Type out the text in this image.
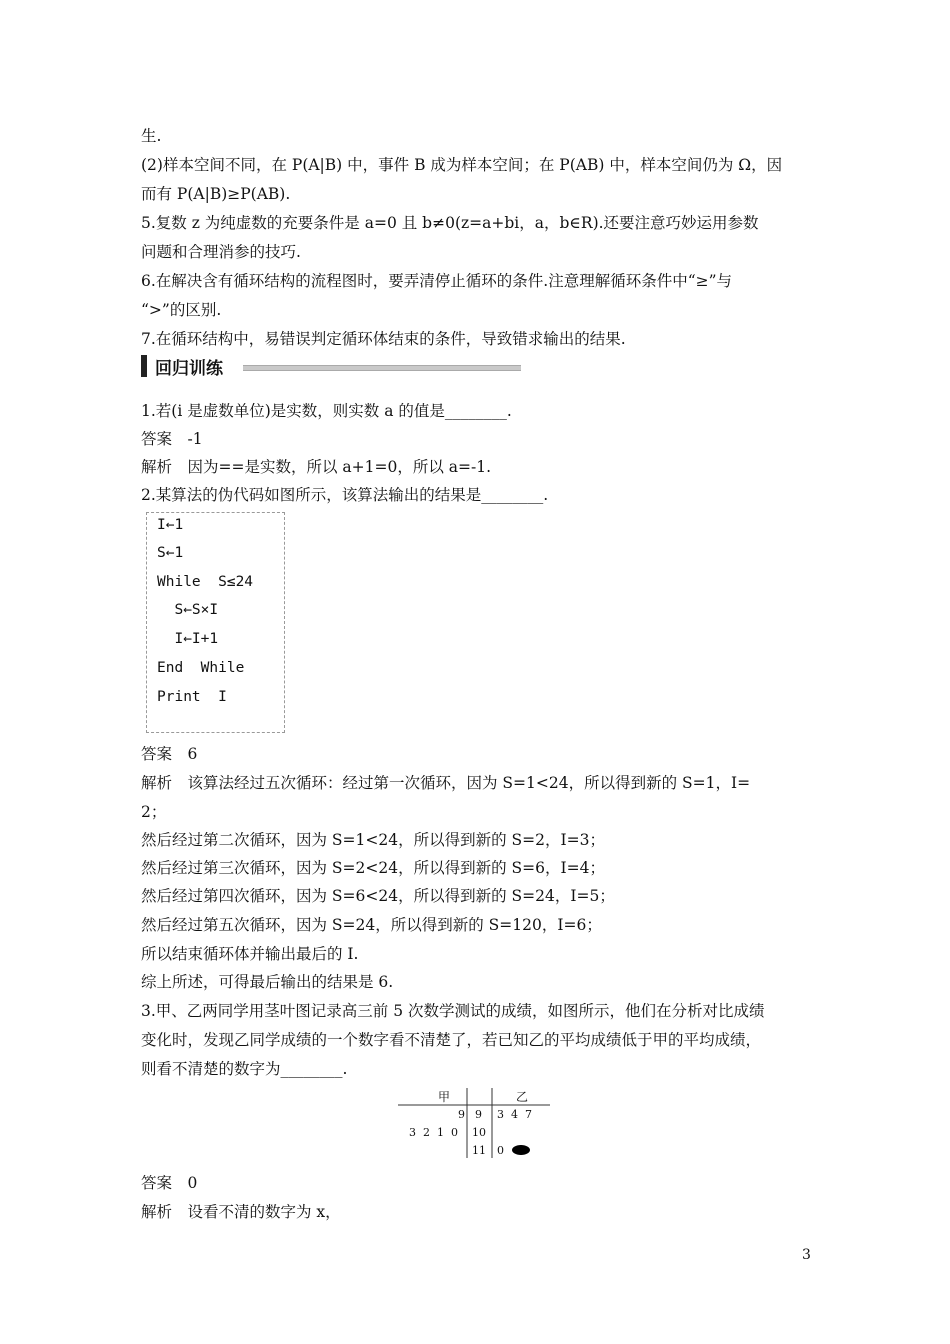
生.
(2)样本空间不同，在 P(A|B) 中，事件 B 成为样本空间；在 P(AB) 中，样本空间仍为 Ω，因
而有 P(A|B)≥P(AB).
5.复数 z 为纯虚数的充要条件是 a=0 且 b≠0(z=a+bi，a，b∈R).还要注意巧妙运用参数
问题和合理消参的技巧.
6.在解决含有循环结构的流程图时，要弄清停止循环的条件.注意理解循环条件中“≥”与
“>”的区别.
7.在循环结构中，易错误判定循环体结束的条件，导致错求输出的结果.
回归训练
1.若(i 是虚数单位)是实数，则实数 a 的值是________.
答案　-1
解析　因为==是实数，所以 a+1=0，所以 a=-1.
2.某算法的伪代码如图所示，该算法输出的结果是________.
I←1
S←1
While  S≤24
S←S×I
I←I+1
End  While
Print  I
答案　6
解析　该算法经过五次循环：经过第一次循环，因为 S=1<24，所以得到新的 S=1，I=
2；
然后经过第二次循环，因为 S=1<24，所以得到新的 S=2，I=3；
然后经过第三次循环，因为 S=2<24，所以得到新的 S=6，I=4；
然后经过第四次循环，因为 S=6<24，所以得到新的 S=24，I=5；
然后经过第五次循环，因为 S=24，所以得到新的 S=120，I=6；
所以结束循环体并输出最后的 I.
综上所述，可得最后输出的结果是 6.
3.甲、乙两同学用茎叶图记录高三前 5 次数学测试的成绩，如图所示，他们在分析对比成绩
变化时，发现乙同学成绩的一个数字看不清楚了，若已知乙的平均成绩低于甲的平均成绩，
则看不清楚的数字为________.
甲	乙
9 9 3  4  7
3  2  1  0 10
11 0
答案　0
解析　设看不清的数字为 x，
3
